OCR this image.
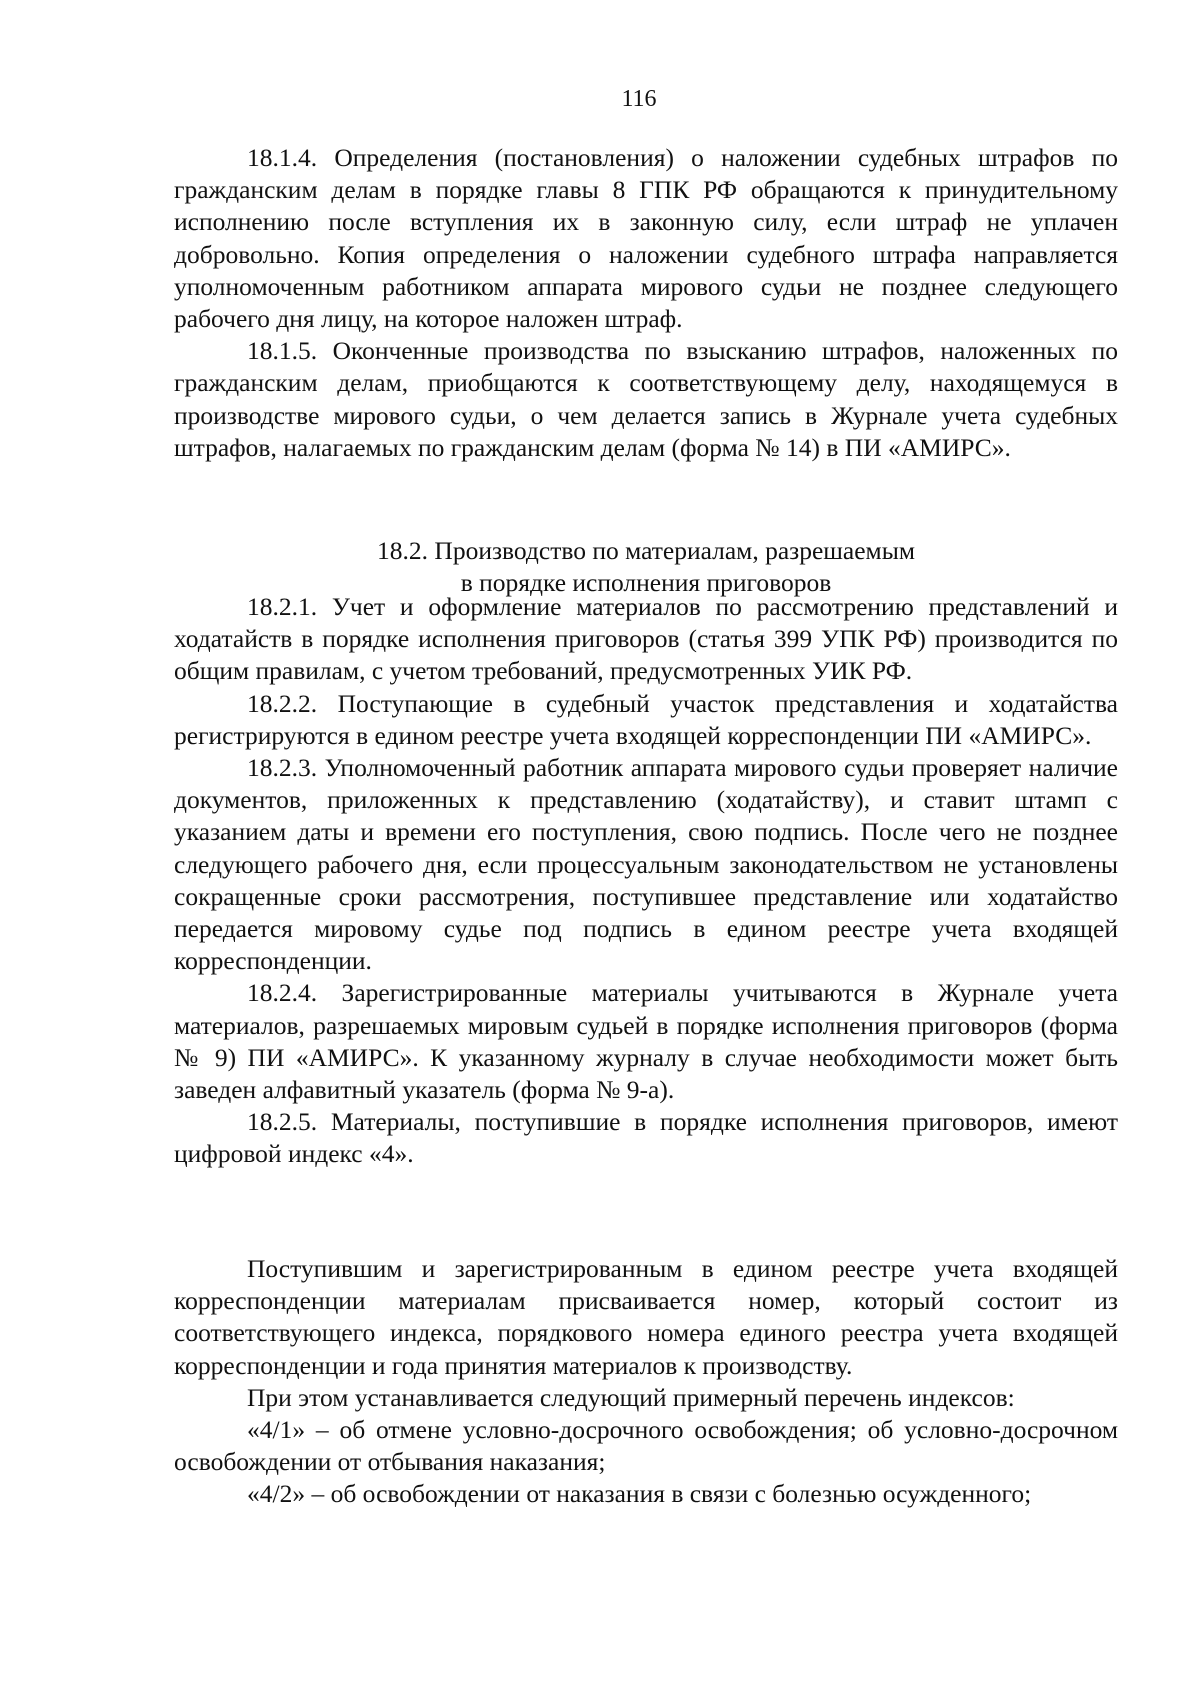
116

18.1.4. Определения (постановления) о наложении судебных штрафов по гражданским делам в порядке главы 8 ГПК РФ обращаются к принудительному исполнению после вступления их в законную силу, если штраф не уплачен добровольно. Копия определения о наложении судебного штрафа направляется уполномоченным работником аппарата мирового судьи не позднее следующего рабочего дня лицу, на которое наложен штраф.

18.1.5. Оконченные производства по взысканию штрафов, наложенных по гражданским делам, приобщаются к соответствующему делу, находящемуся в производстве мирового судьи, о чем делается запись в Журнале учета судебных штрафов, налагаемых по гражданским делам (форма № 14) в ПИ «АМИРС».

18.2. Производство по материалам, разрешаемым
в порядке исполнения приговоров

18.2.1. Учет и оформление материалов по рассмотрению представлений и ходатайств в порядке исполнения приговоров (статья 399 УПК РФ) производится по общим правилам, с учетом требований, предусмотренных УИК РФ.

18.2.2. Поступающие в судебный участок представления и ходатайства регистрируются в едином реестре учета входящей корреспонденции ПИ «АМИРС».

18.2.3. Уполномоченный работник аппарата мирового судьи проверяет наличие документов, приложенных к представлению (ходатайству), и ставит штамп с указанием даты и времени его поступления, свою подпись. После чего не позднее следующего рабочего дня, если процессуальным законодательством не установлены сокращенные сроки рассмотрения, поступившее представление или ходатайство передается мировому судье под подпись в едином реестре учета входящей корреспонденции.

18.2.4. Зарегистрированные материалы учитываются в Журнале учета материалов, разрешаемых мировым судьей в порядке исполнения приговоров (форма № 9) ПИ «АМИРС». К указанному журналу в случае необходимости может быть заведен алфавитный указатель (форма № 9-а).

18.2.5. Материалы, поступившие в порядке исполнения приговоров, имеют цифровой индекс «4».

Поступившим и зарегистрированным в едином реестре учета входящей корреспонденции материалам присваивается номер, который состоит из соответствующего индекса, порядкового номера единого реестра учета входящей корреспонденции и года принятия материалов к производству.

При этом устанавливается следующий примерный перечень индексов:

«4/1» – об отмене условно-досрочного освобождения; об условно-досрочном освобождении от отбывания наказания;

«4/2» – об освобождении от наказания в связи с болезнью осужденного;
